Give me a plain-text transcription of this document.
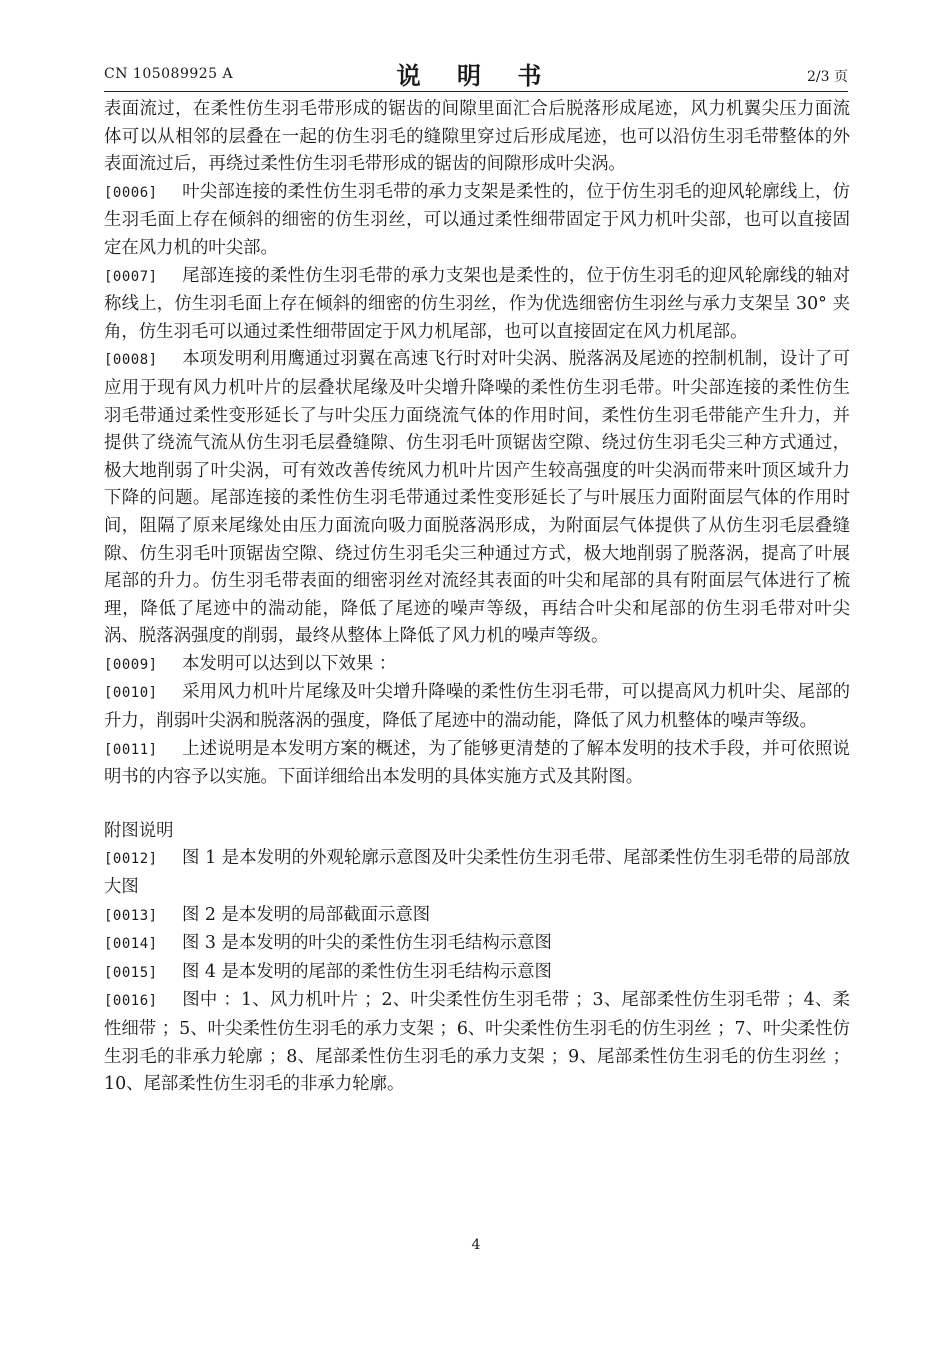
CN 105089925 A	说 明 书	2/3 页

表面流过，在柔性仿生羽毛带形成的锯齿的间隙里面汇合后脱落形成尾迹，风力机翼尖压力面流体可以从相邻的层叠在一起的仿生羽毛的缝隙里穿过后形成尾迹，也可以沿仿生羽毛带整体的外表面流过后，再绕过柔性仿生羽毛带形成的锯齿的间隙形成叶尖涡。

[0006] 叶尖部连接的柔性仿生羽毛带的承力支架是柔性的，位于仿生羽毛的迎风轮廓线上，仿生羽毛面上存在倾斜的细密的仿生羽丝，可以通过柔性细带固定于风力机叶尖部，也可以直接固定在风力机的叶尖部。

[0007] 尾部连接的柔性仿生羽毛带的承力支架也是柔性的，位于仿生羽毛的迎风轮廓线的轴对称线上，仿生羽毛面上存在倾斜的细密的仿生羽丝，作为优选细密仿生羽丝与承力支架呈 30° 夹角，仿生羽毛可以通过柔性细带固定于风力机尾部，也可以直接固定在风力机尾部。

[0008] 本项发明利用鹰通过羽翼在高速飞行时对叶尖涡、脱落涡及尾迹的控制机制，设计了可应用于现有风力机叶片的层叠状尾缘及叶尖增升降噪的柔性仿生羽毛带。叶尖部连接的柔性仿生羽毛带通过柔性变形延长了与叶尖压力面绕流气体的作用时间，柔性仿生羽毛带能产生升力，并提供了绕流气流从仿生羽毛层叠缝隙、仿生羽毛叶顶锯齿空隙、绕过仿生羽毛尖三种方式通过，极大地削弱了叶尖涡，可有效改善传统风力机叶片因产生较高强度的叶尖涡而带来叶顶区域升力下降的问题。尾部连接的柔性仿生羽毛带通过柔性变形延长了与叶展压力面附面层气体的作用时间，阻隔了原来尾缘处由压力面流向吸力面脱落涡形成，为附面层气体提供了从仿生羽毛层叠缝隙、仿生羽毛叶顶锯齿空隙、绕过仿生羽毛尖三种通过方式，极大地削弱了脱落涡，提高了叶展尾部的升力。仿生羽毛带表面的细密羽丝对流经其表面的叶尖和尾部的具有附面层气体进行了梳理，降低了尾迹中的湍动能，降低了尾迹的噪声等级，再结合叶尖和尾部的仿生羽毛带对叶尖涡、脱落涡强度的削弱，最终从整体上降低了风力机的噪声等级。

[0009] 本发明可以达到以下效果 ：

[0010] 采用风力机叶片尾缘及叶尖增升降噪的柔性仿生羽毛带，可以提高风力机叶尖、尾部的升力，削弱叶尖涡和脱落涡的强度，降低了尾迹中的湍动能，降低了风力机整体的噪声等级。

[0011] 上述说明是本发明方案的概述，为了能够更清楚的了解本发明的技术手段，并可依照说明书的内容予以实施。下面详细给出本发明的具体实施方式及其附图。

附图说明

[0012] 图 1 是本发明的外观轮廓示意图及叶尖柔性仿生羽毛带、尾部柔性仿生羽毛带的局部放大图

[0013] 图 2 是本发明的局部截面示意图

[0014] 图 3 是本发明的叶尖的柔性仿生羽毛结构示意图

[0015] 图 4 是本发明的尾部的柔性仿生羽毛结构示意图

[0016] 图中 ：1、风力机叶片 ；2、叶尖柔性仿生羽毛带 ；3、尾部柔性仿生羽毛带 ；4、柔性细带 ；5、叶尖柔性仿生羽毛的承力支架 ；6、叶尖柔性仿生羽毛的仿生羽丝 ；7、叶尖柔性仿生羽毛的非承力轮廓 ；8、尾部柔性仿生羽毛的承力支架 ；9、尾部柔性仿生羽毛的仿生羽丝 ；10、尾部柔性仿生羽毛的非承力轮廓。

4
